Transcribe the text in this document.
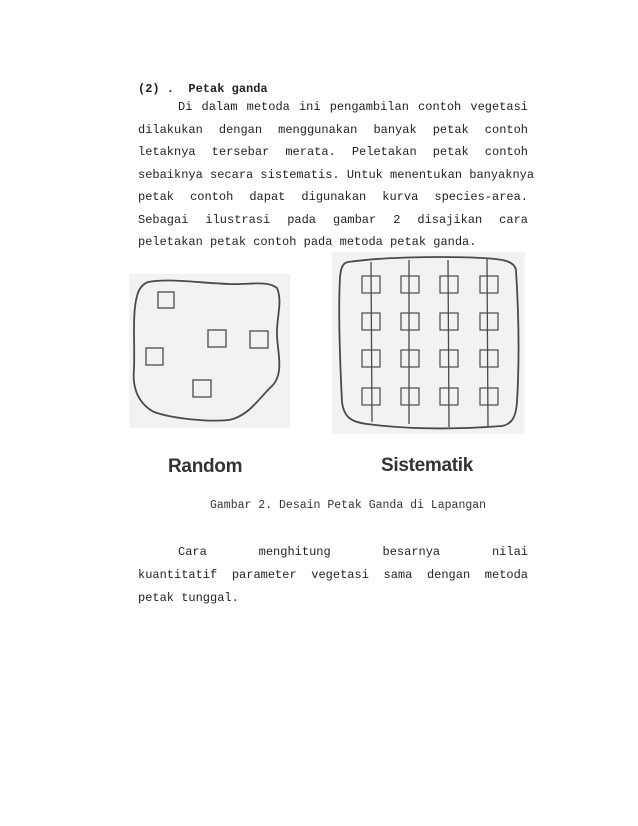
(2) .  Petak ganda
Di dalam metoda ini pengambilan contoh vegetasi
dilakukan dengan menggunakan banyak petak contoh
letaknya tersebar merata. Peletakan petak contoh
sebaiknya secara sistematis. Untuk menentukan banyaknya
petak contoh dapat digunakan kurva species-area.
Sebagai ilustrasi pada gambar 2 disajikan cara
peletakan petak contoh pada metoda petak ganda.
Random	Sistematik
Gambar 2. Desain Petak Ganda di Lapangan
Cara menghitung besarnya nilai
kuantitatif parameter vegetasi sama dengan metoda
petak tunggal.
